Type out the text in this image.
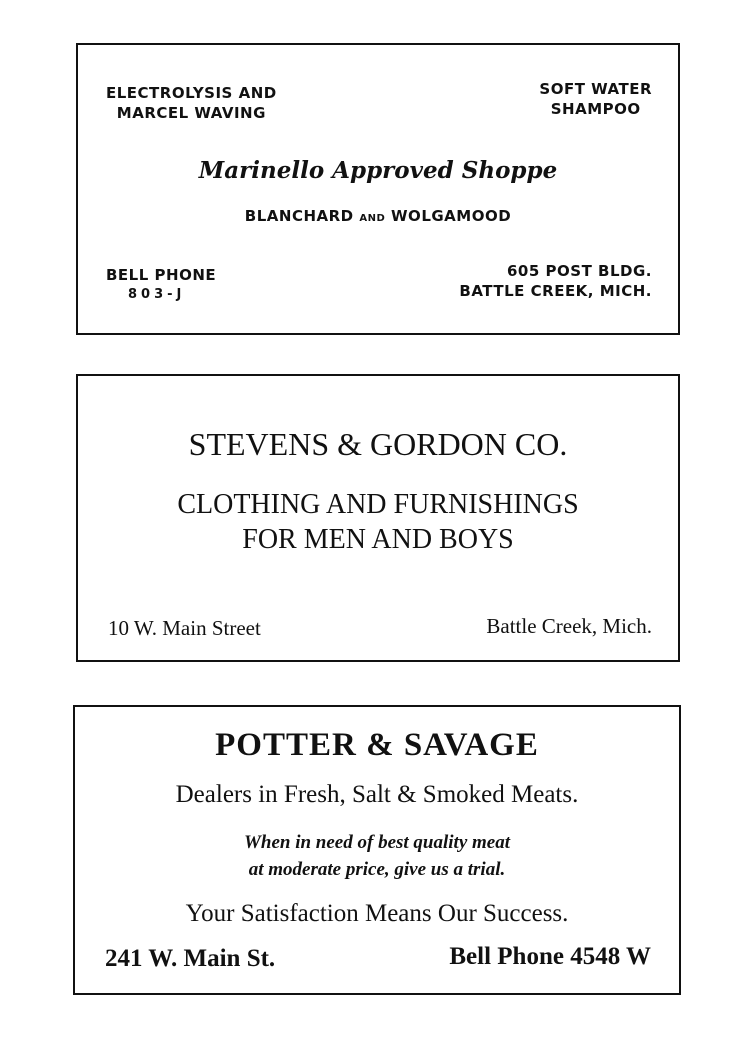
ELECTROLYSIS AND
MARCEL WAVING
SOFT WATER
SHAMPOO
Marinello Approved Shoppe
BLANCHARD AND WOLGAMOOD
BELL PHONE
803-J
605 POST BLDG.
BATTLE CREEK, MICH.
STEVENS & GORDON CO.
CLOTHING AND FURNISHINGS
FOR MEN AND BOYS
10 W. Main Street	Battle Creek, Mich.
POTTER & SAVAGE
Dealers in Fresh, Salt & Smoked Meats.
When in need of best quality meat
at moderate price, give us a trial.
Your Satisfaction Means Our Success.
241 W. Main St.	Bell Phone 4548 W
